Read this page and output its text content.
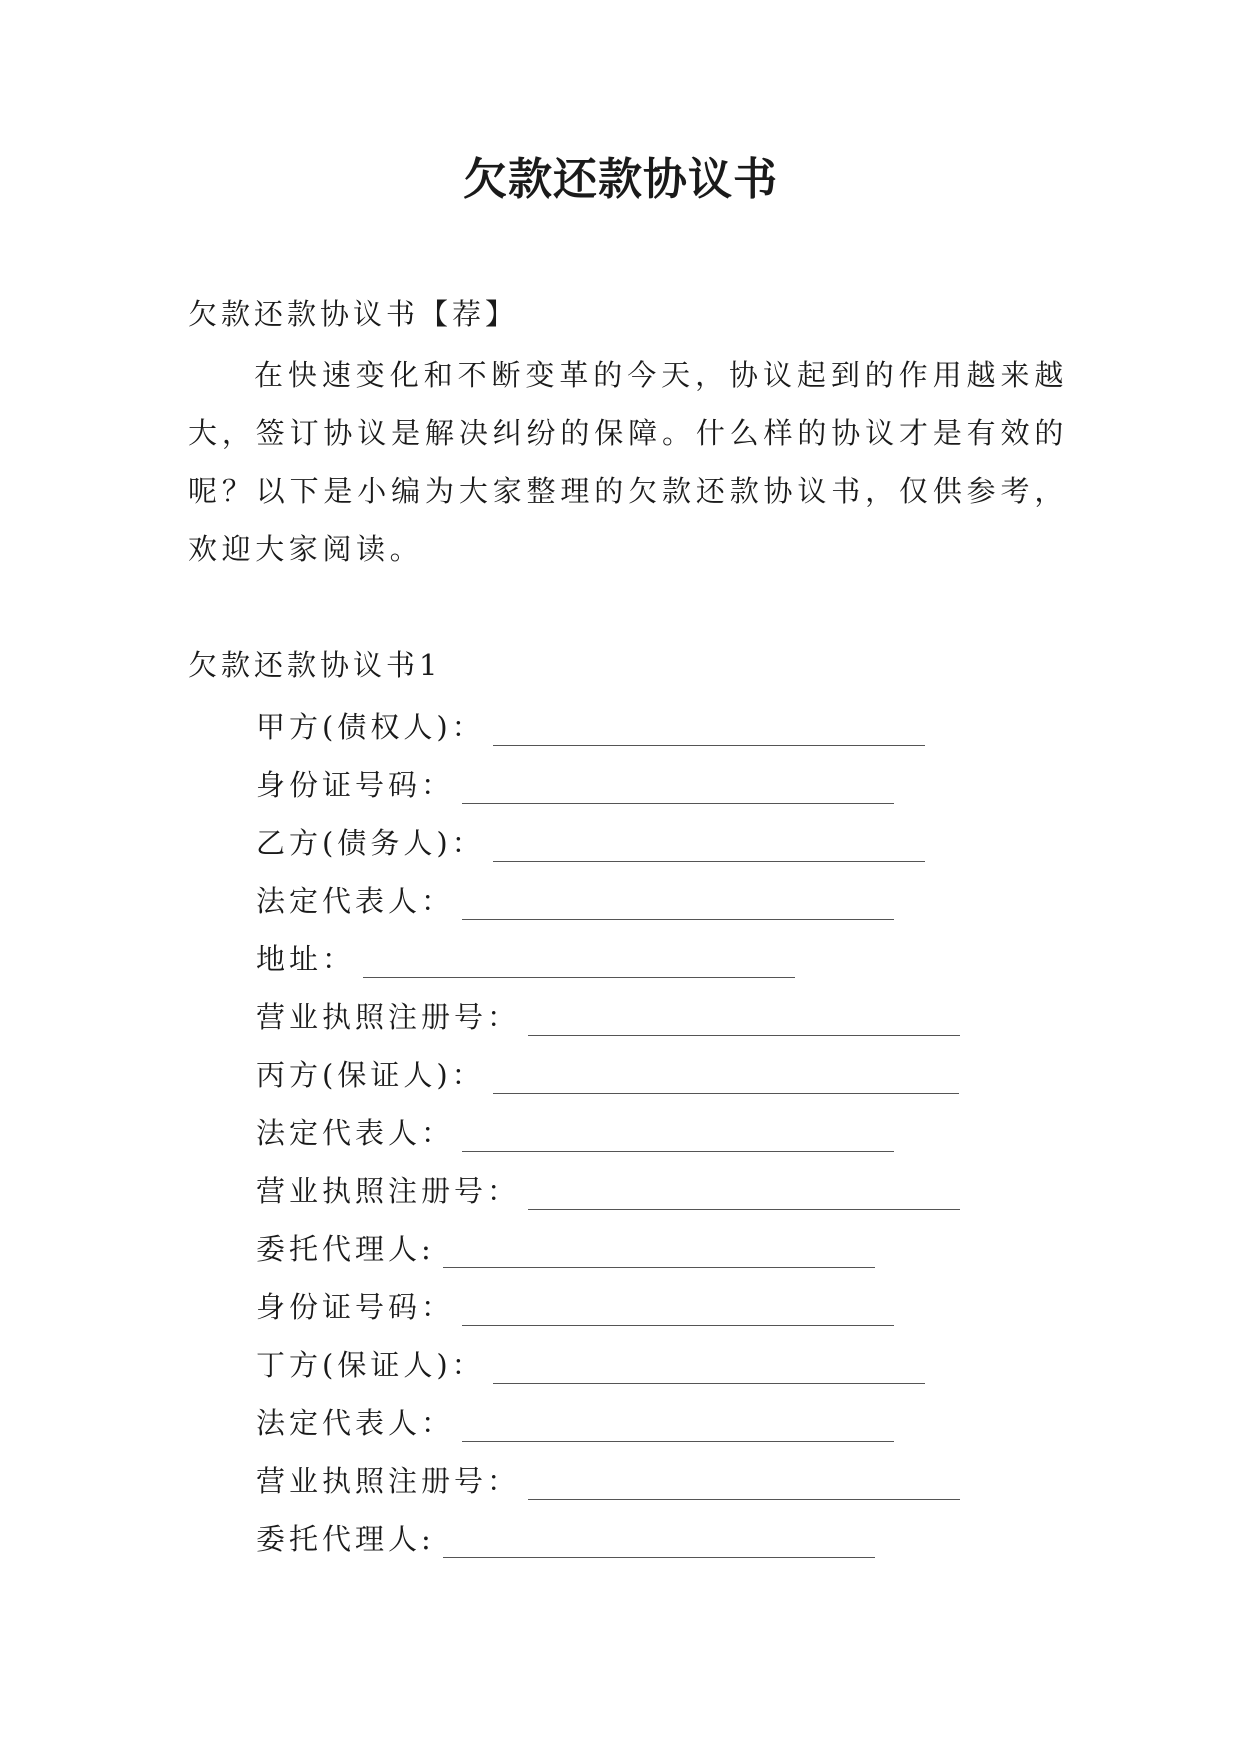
欠款还款协议书

欠款还款协议书【荐】

在快速变化和不断变革的今天，协议起到的作用越来越大，签订协议是解决纠纷的保障。什么样的协议才是有效的呢？以下是小编为大家整理的欠款还款协议书，仅供参考，欢迎大家阅读。

欠款还款协议书1

甲方(债权人)：
身份证号码：
乙方(债务人)：
法定代表人：
地址：
营业执照注册号：
丙方(保证人)：
法定代表人：
营业执照注册号：
委托代理人:
身份证号码：
丁方(保证人)：
法定代表人：
营业执照注册号：
委托代理人:
